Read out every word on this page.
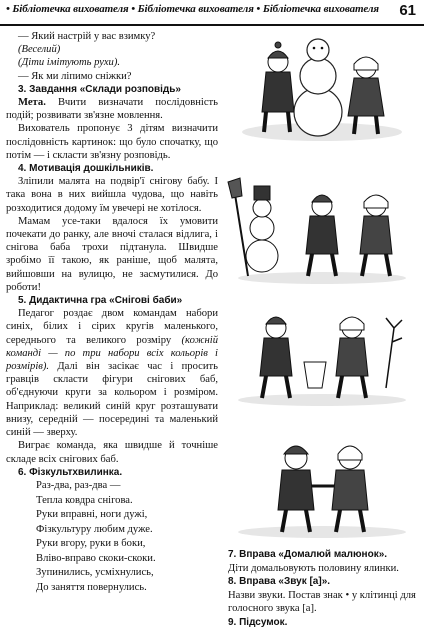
• Бібліотечка вихователя • Бібліотечка вихователя • Бібліотечка вихователя 61

— Який настрій у вас взимку?

(Веселий)

(Діти імітують рухи).

— Як ми ліпимо сніжки?

3. Завдання «Склади розповідь»

Мета. Вчити визначати послідовність подій; розвивати зв'язне мовлення.

Вихователь пропонує 3 дітям визначити послідовність картинок: що було спочатку, що потім — і скласти зв'язну розповідь.

4. Мотивація дошкільників.

Зліпили малята на подвір'ї снігову бабу. І така вона в них вийшла чудова, що навіть розходитися додому їм увечері не хотілося.

Мамам усе-таки вдалося їх умовити почекати до ранку, але вночі сталася відлига, і снігова баба трохи підтанула. Швидше зробімо її такою, як раніше, щоб малята, вийшовши на вулицю, не засмутилися. До роботи!

5. Дидактична гра «Снігові баби»

Педагог роздає двом командам набори синіх, білих і сірих кругів маленького, середнього та великого розміру (кожній команді — по три набори всіх кольорів і розмірів). Далі він засікає час і просить гравців скласти фігури снігових баб, об'єднуючи круги за кольором і розміром. Наприклад: великий синій круг розташувати внизу, середній — посередині та маленький синій — зверху.

Виграє команда, яка швидше й точніше складе всіх снігових баб.

6. Фізкультхвилинка.

Раз-два, раз-два —

Тепла ковдра снігова.

Руки вправні, ноги дужі,

Фізкультуру любим дуже.

Руки вгору, руки в боки,

Вліво-вправо скоки-скоки.

Зупинились, усміхнулись,

До заняття повернулись.

7. Вправа «Домалюй малюнок».

Діти домальовують половину ялинки.

8. Вправа «Звук [а]».

Назви звуки. Постав знак • у клітинці для голосного звука [а].

9. Підсумок.
